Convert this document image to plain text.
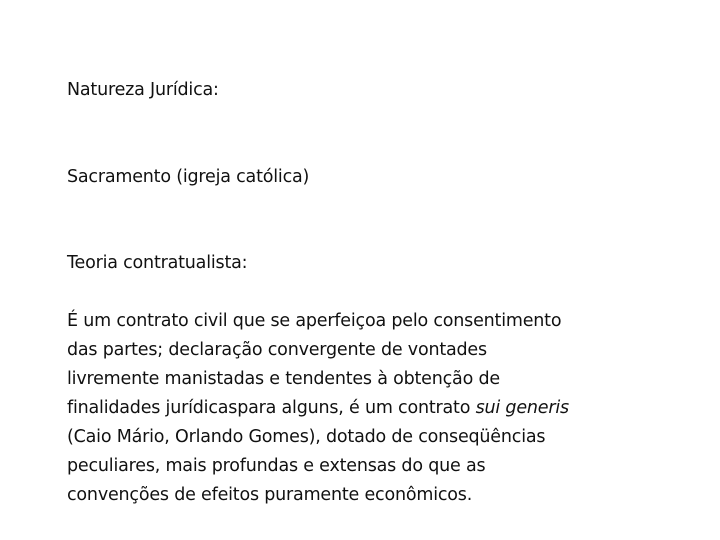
Natureza Jurídica:
Sacramento (igreja católica)
Teoria contratualista:
É um contrato civil que se aperfeiçoa pelo consentimento
das partes; declaração convergente de vontades
livremente manistadas e tendentes à obtenção de
finalidades jurídicaspara alguns, é um contrato sui generis
(Caio Mário, Orlando Gomes), dotado de conseqüências
peculiares, mais profundas e extensas do que as
convenções de efeitos puramente econômicos.
